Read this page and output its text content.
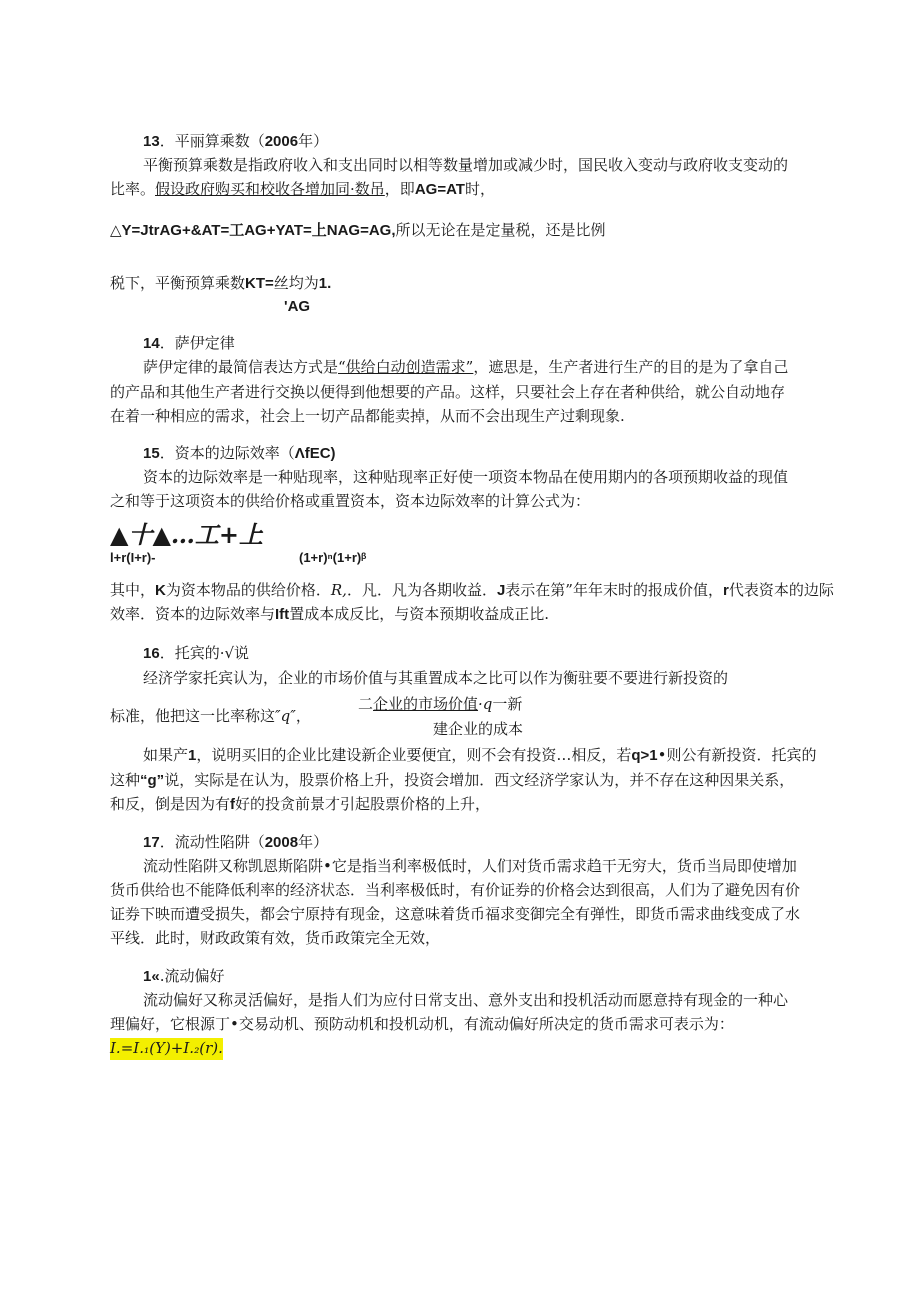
13．平丽算乘数（2006年）
平衡预算乘数是指政府收入和支出同时以相等数量增加或减少时，国民收入变动与政府收支变动的
比率。假设政府购买和校收各增加同·数吊，即AG=AT时，
△Y=JtrAG+&AT=工AG+YAT=上NAG=AG,所以无论在是定量税，还是比例
税下，平衡预算乘数KT=丝均为1.
'AG
14．萨伊定律
萨伊定律的最简信表达方式是“供给白动创造需求”，遮思是，生产者进行生产的目的是为了拿自己
的产品和其他生产者进行交换以便得到他想要的产品。这样，只要社会上存在者种供给，就公自动地存
在着一种相应的需求，社会上一切产品都能卖掉，从而不会出现生产过剩现象.
15．资本的边际效率（ΛfEC)
资本的边际效率是一种贴现率，这种贴现率正好使一项资本物品在使用期内的各项预期收益的现值
之和等于这项资本的供给价格或重置资本，资本边际效率的计算公式为：
▲十▲…工+上
l+r(I+r)-	(1+r)ⁿ(1+r)ᵝ
其中，K为资本物品的供给价格．R,．凡．凡为各期收益．J表示在第”年年末时的报成价值，r代表资本的边际
效率．资本的边际效率与Ift置成本成反比，与资本预期收益成正比.
16．托宾的·√说
经济学家托宾认为，企业的市场价值与其重置成本之比可以作为衡驻要不要进行新投资的
标准，他把这一比率称这″q″，
二企业的市场价值·q一新
建企业的成本
如果产1，说明买旧的企业比建设新企业要便宜，则不会有投资…相反，若q>1•则公有新投资．托宾的
这种“g”说，实际是在认为，股票价格上升，投资会增加．西文经济学家认为，并不存在这种因果关系，
和反，倒是因为有f好的投贪前景才引起股票价格的上升，
17．流动性陷阱（2008年）
流动性陷阱又称凯恩斯陷阱•它是指当利率极低时，人们对货币需求趋干无穷大，货币当局即使增加
货币供给也不能降低利率的经济状态．当利率极低时，有价证券的价格会达到很高，人们为了避免因有价
证券下映而遭受损失，都会宁原持有现金，这意味着货币福求变御完全有弹性，即货币需求曲线变成了水
平线．此时，财政政策有效，货币政策完全无效，
1«.流动偏好
流动偏好又称灵活偏好，是指人们为应付日常支出、意外支出和投机活动而愿意持有现金的一种心
理偏好，它根源丁•交易动机、预防动机和投机动机，有流动偏好所决定的货币需求可表示为：
I.=I.₁(Y)+I.₂(r).
